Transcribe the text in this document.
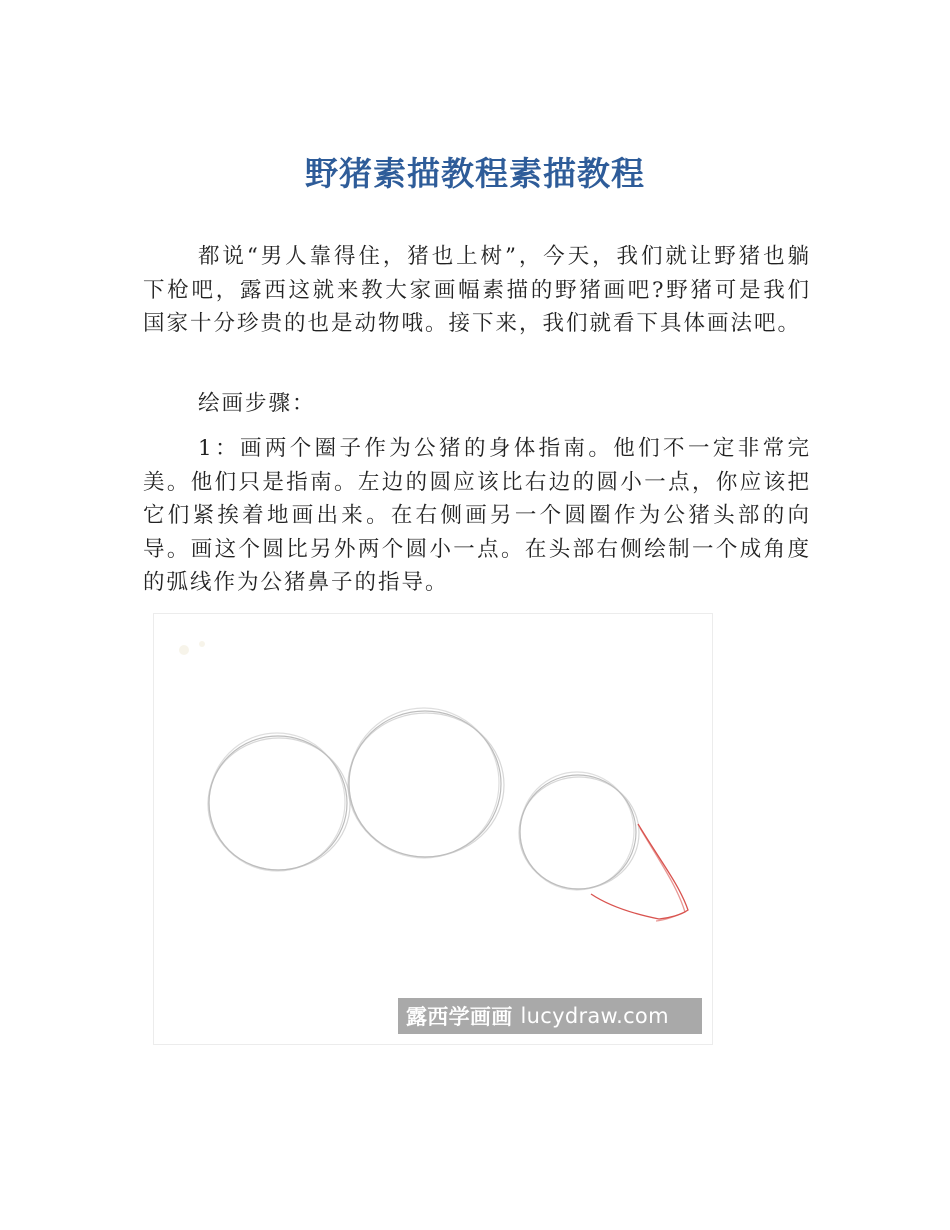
野猪素描教程素描教程
都说“男人靠得住，猪也上树”，今天，我们就让野猪也躺下枪吧，露西这就来教大家画幅素描的野猪画吧?野猪可是我们国家十分珍贵的也是动物哦。接下来，我们就看下具体画法吧。
绘画步骤：
1：画两个圈子作为公猪的身体指南。他们不一定非常完美。他们只是指南。左边的圆应该比右边的圆小一点，你应该把它们紧挨着地画出来。在右侧画另一个圆圈作为公猪头部的向导。画这个圆比另外两个圆小一点。在头部右侧绘制一个成角度的弧线作为公猪鼻子的指导。
露西学画画 lucydraw.com
